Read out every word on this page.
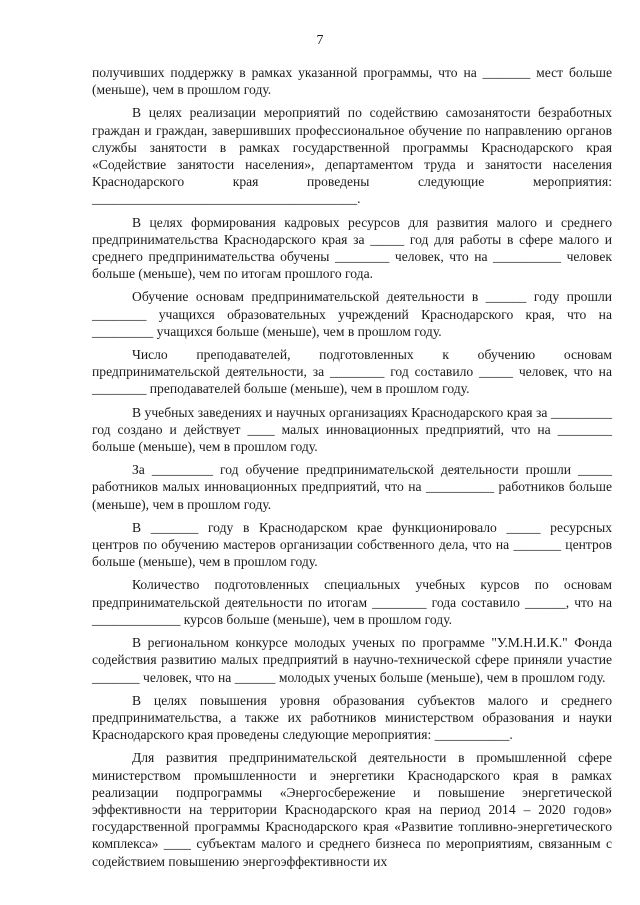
7

получивших поддержку в рамках указанной программы, что на _______ мест больше (меньше), чем в прошлом году.

В целях реализации мероприятий по содействию самозанятости безработных граждан и граждан, завершивших профессиональное обучение по направлению органов службы занятости в рамках государственной программы Краснодарского края «Содействие занятости населения», департаментом труда и занятости населения Краснодарского края проведены следующие мероприятия: _______________________________________.

В целях формирования кадровых ресурсов для развития малого и среднего предпринимательства Краснодарского края за _____ год для работы в сфере малого и среднего предпринимательства обучены ________ человек, что на __________ человек больше (меньше), чем по итогам прошлого года.

Обучение основам предпринимательской деятельности в ______ году прошли ________ учащихся образовательных учреждений Краснодарского края, что на _________ учащихся больше (меньше), чем в прошлом году.

Число преподавателей, подготовленных к обучению основам предпринимательской деятельности, за ________ год составило _____ человек, что на ________ преподавателей больше (меньше), чем в прошлом году.

В учебных заведениях и научных организациях Краснодарского края за _________ год создано и действует ____ малых инновационных предприятий, что на ________ больше (меньше), чем в прошлом году.

За _________ год обучение предпринимательской деятельности прошли _____ работников малых инновационных предприятий, что на __________ работников больше (меньше), чем в прошлом году.

В _______ году в Краснодарском крае функционировало _____ ресурсных центров по обучению мастеров организации собственного дела, что на _______ центров больше (меньше), чем в прошлом году.

Количество подготовленных специальных учебных курсов по основам предпринимательской деятельности по итогам ________ года составило ______, что на _____________ курсов больше (меньше), чем в прошлом году.

В региональном конкурсе молодых ученых по программе "У.М.Н.И.К." Фонда содействия развитию малых предприятий в научно-технической сфере приняли участие _______ человек, что на ______ молодых ученых больше (меньше), чем в прошлом году.

В целях повышения уровня образования субъектов малого и среднего предпринимательства, а также их работников министерством образования и науки Краснодарского края проведены следующие мероприятия: ___________.

Для развития предпринимательской деятельности в промышленной сфере министерством промышленности и энергетики Краснодарского края в рамках реализации подпрограммы «Энергосбережение и повышение энергетической эффективности на территории Краснодарского края на период 2014 – 2020 годов» государственной программы Краснодарского края «Развитие топливно-энергетического комплекса» ____ субъектам малого и среднего бизнеса по мероприятиям, связанным с содействием повышению энергоэффективности их
